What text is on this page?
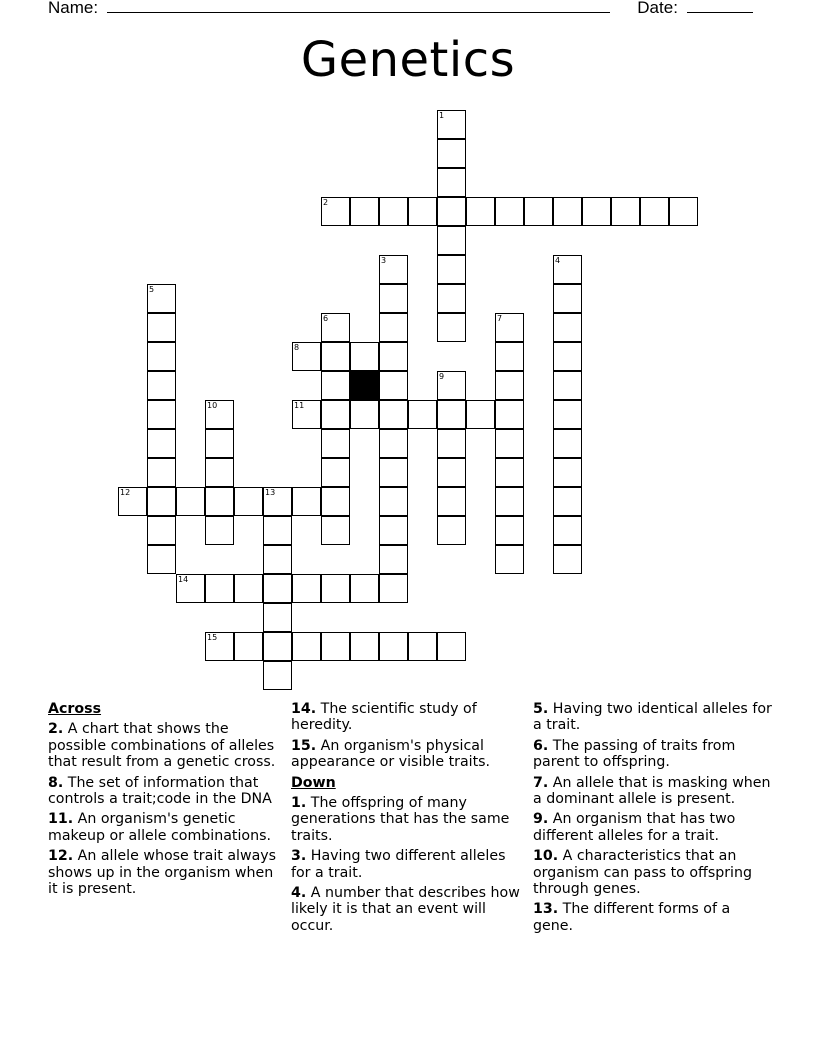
Name:	Date:
Genetics
1
2
3	4
5
6	7
8
9
10	11
12	13
14
15
Across
2. A chart that shows the possible combinations of alleles that result from a genetic cross.
8. The set of information that controls a trait;code in the DNA
11. An organism's genetic makeup or allele combinations.
12. An allele whose trait always shows up in the organism when it is present.
14. The scientific study of heredity.
15. An organism's physical appearance or visible traits.
Down
1. The offspring of many generations that has the same traits.
3. Having two different alleles for a trait.
4. A number that describes how likely it is that an event will occur.
5. Having two identical alleles for a trait.
6. The passing of traits from parent to offspring.
7. An allele that is masking when a dominant allele is present.
9. An organism that has two different alleles for a trait.
10. A characteristics that an organism can pass to offspring through genes.
13. The different forms of a gene.
